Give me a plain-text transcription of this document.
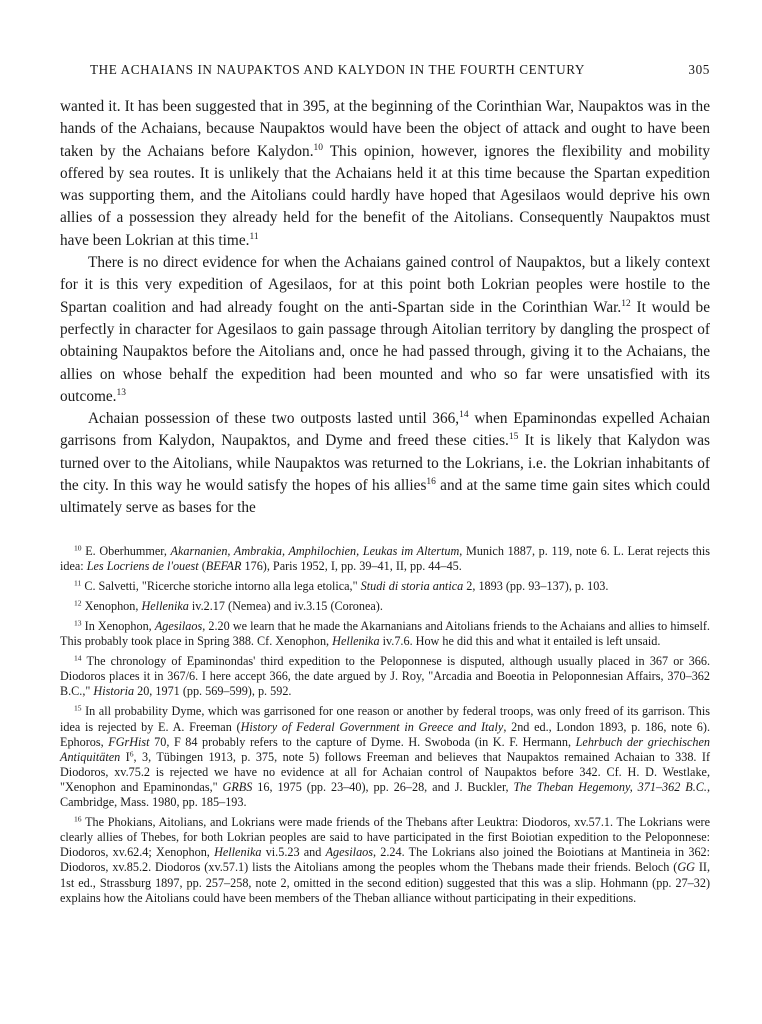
THE ACHAIANS IN NAUPAKTOS AND KALYDON IN THE FOURTH CENTURY	305

wanted it. It has been suggested that in 395, at the beginning of the Corinthian War, Naupaktos was in the hands of the Achaians, because Naupaktos would have been the object of attack and ought to have been taken by the Achaians before Kalydon.$^{10}$ This opinion, however, ignores the flexibility and mobility offered by sea routes. It is unlikely that the Achaians held it at this time because the Spartan expedition was supporting them, and the Aitolians could hardly have hoped that Agesilaos would deprive his own allies of a possession they already held for the benefit of the Aitolians. Consequently Naupaktos must have been Lokrian at this time.$^{11}$

There is no direct evidence for when the Achaians gained control of Naupaktos, but a likely context for it is this very expedition of Agesilaos, for at this point both Lokrian peoples were hostile to the Spartan coalition and had already fought on the anti-Spartan side in the Corinthian War.$^{12}$ It would be perfectly in character for Agesilaos to gain passage through Aitolian territory by dangling the prospect of obtaining Naupaktos before the Aitolians and, once he had passed through, giving it to the Achaians, the allies on whose behalf the expedition had been mounted and who so far were unsatisfied with its outcome.$^{13}$

Achaian possession of these two outposts lasted until 366,14 when Epaminondas expelled Achaian garrisons from Kalydon, Naupaktos, and Dyme and freed these cities.$^{15}$ It is likely that Kalydon was turned over to the Aitolians, while Naupaktos was returned to the Lokrians, i.e. the Lokrian inhabitants of the city. In this way he would satisfy the hopes of his allies$^{16}$ and at the same time gain sites which could ultimately serve as bases for the

$^{10}$ E. Oberhummer, Akarnanien, Ambrakia, Amphilochien, Leukas im Altertum, Munich 1887, p. 119, note 6. L. Lerat rejects this idea: Les Locriens de l'ouest (BEFAR 176), Paris 1952, I, pp. 39–41, II, pp. 44–45.

$^{11}$ C. Salvetti, "Ricerche storiche intorno alla lega etolica," Studi di storia antica 2, 1893 (pp. 93–137), p. 103.

$^{12}$ Xenophon, Hellenika iv.2.17 (Nemea) and iv.3.15 (Coronea).

$^{13}$ In Xenophon, Agesilaos, 2.20 we learn that he made the Akarnanians and Aitolians friends to the Achaians and allies to himself. This probably took place in Spring 388. Cf. Xenophon, Hellenika iv.7.6. How he did this and what it entailed is left unsaid.

$^{14}$ The chronology of Epaminondas' third expedition to the Peloponnese is disputed, although usually placed in 367 or 366. Diodoros places it in 367/6. I here accept 366, the date argued by J. Roy, "Arcadia and Boeotia in Peloponnesian Affairs, 370–362 B.C.," Historia 20, 1971 (pp. 569–599), p. 592.

$^{15}$ In all probability Dyme, which was garrisoned for one reason or another by federal troops, was only freed of its garrison. This idea is rejected by E. A. Freeman (History of Federal Government in Greece and Italy, 2nd ed., London 1893, p. 186, note 6). Ephoros, FGrHist 70, F 84 probably refers to the capture of Dyme. H. Swoboda (in K. F. Hermann, Lehrbuch der griechischen Antiquitäten $I^6$, 3, Tübingen 1913, p. 375, note 5) follows Freeman and believes that Naupaktos remained Achaian to 338. If Diodoros, xv.75.2 is rejected we have no evidence at all for Achaian control of Naupaktos before 342. Cf. H. D. Westlake, "Xenophon and Epaminondas," GRBS 16, 1975 (pp. 23–40), pp. 26–28, and J. Buckler, The Theban Hegemony, 371–362 B.C., Cambridge, Mass. 1980, pp. 185–193.

$^{16}$ The Phokians, Aitolians, and Lokrians were made friends of the Thebans after Leuktra: Diodoros, xv.57.1. The Lokrians were clearly allies of Thebes, for both Lokrian peoples are said to have participated in the first Boiotian expedition to the Peloponnese: Diodoros, xv.62.4; Xenophon, Hellenika vi.5.23 and Agesilaos, 2.24. The Lokrians also joined the Boiotians at Mantineia in 362: Diodoros, xv.85.2. Diodoros (xv.57.1) lists the Aitolians among the peoples whom the Thebans made their friends. Beloch (GG II, 1st ed., Strassburg 1897, pp. 257–258, note 2, omitted in the second edition) suggested that this was a slip. Hohmann (pp. 27–32) explains how the Aitolians could have been members of the Theban alliance without participating in their expeditions.
